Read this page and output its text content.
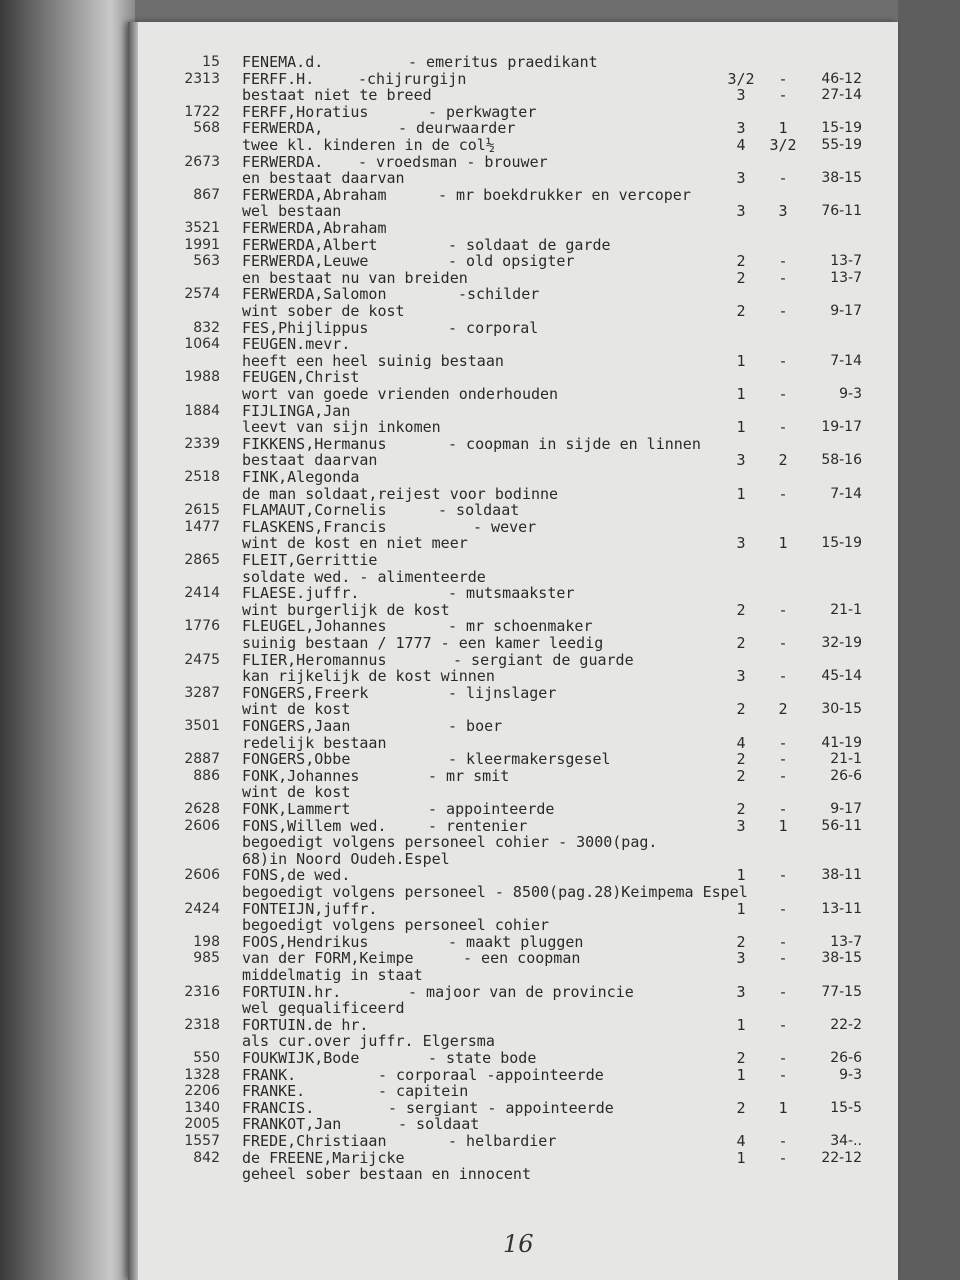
15 FENEMA.d.	- emeritus praedikant
2313 FERFF.H.	-chijrurgijn	3/2	-	46-12
bestaat niet te breed	3	-	27-14
1722 FERFF,Horatius	- perkwagter
568 FERWERDA,	- deurwaarder	3	1	15-19
twee kl. kinderen in de col½	4	3/2	55-19
2673 FERWERDA. - vroedsman - brouwer
en bestaat daarvan	3	-	38-15
867 FERWERDA,Abraham	- mr boekdrukker en vercoper
wel bestaan	3	3	76-11
3521 FERWERDA,Abraham
1991 FERWERDA,Albert	- soldaat de garde
563 FERWERDA,Leuwe	- old opsigter	2	-	13-7
en bestaat nu van breiden	2	-	13-7
2574 FERWERDA,Salomon	-schilder
wint sober de kost	2	-	9-17
832 FES,Phijlippus	- corporal
1064 FEUGEN.mevr.
heeft een heel suinig bestaan	1	-	7-14
1988 FEUGEN,Christ
wort van goede vrienden onderhouden	1	-	9-3
1884 FIJLINGA,Jan
leevt van sijn inkomen	1	-	19-17
2339 FIKKENS,Hermanus	- coopman in sijde en linnen
bestaat daarvan	3	2	58-16
2518 FINK,Alegonda
de man soldaat,reijest voor bodinne	1	-	7-14
2615 FLAMAUT,Cornelis	- soldaat
1477 FLASKENS,Francis	- wever
wint de kost en niet meer	3	1	15-19
2865 FLEIT,Gerrittie
soldate wed. - alimenteerde
2414 FLAESE.juffr.	- mutsmaakster
wint burgerlijk de kost	2	-	21-1
1776 FLEUGEL,Johannes	- mr schoenmaker
suinig bestaan / 1777 - een kamer leedig	2	-	32-19
2475 FLIER,Heromannus	- sergiant de guarde
kan rijkelijk de kost winnen	3	-	45-14
3287 FONGERS,Freerk	- lijnslager
wint de kost	2	2	30-15
3501 FONGERS,Jaan	- boer
redelijk bestaan	4	-	41-19
2887 FONGERS,Obbe	- kleermakersgesel	2	-	21-1
886 FONK,Johannes	- mr smit	2	-	26-6
wint de kost
2628 FONK,Lammert	- appointeerde	2	-	9-17
2606 FONS,Willem wed.	- rentenier	3	1	56-11
begoedigt volgens personeel cohier - 3000(pag.
68)in Noord Oudeh.Espel
2606 FONS,de wed.	1	-	38-11
begoedigt volgens personeel - 8500(pag.28)Keimpema Espel
2424 FONTEIJN,juffr.	1	-	13-11
begoedigt volgens personeel cohier
198 FOOS,Hendrikus	- maakt pluggen	2	-	13-7
985 van der FORM,Keimpe	- een coopman	3	-	38-15
middelmatig in staat
2316 FORTUIN.hr.	- majoor van de provincie	3	-	77-15
wel gequalificeerd
2318 FORTUIN.de hr.	1	-	22-2
als cur.over juffr. Elgersma
550 FOUKWIJK,Bode	- state bode	2	-	26-6
1328 FRANK.	- corporaal -appointeerde	1	-	9-3
2206 FRANKE.	- capitein
1340 FRANCIS.	- sergiant - appointeerde	2	1	15-5
2005 FRANKOT,Jan	- soldaat
1557 FREDE,Christiaan	- helbardier	4	-	34-..
842 de FREENE,Marijcke	1	-	22-12
geheel sober bestaan en innocent
16
